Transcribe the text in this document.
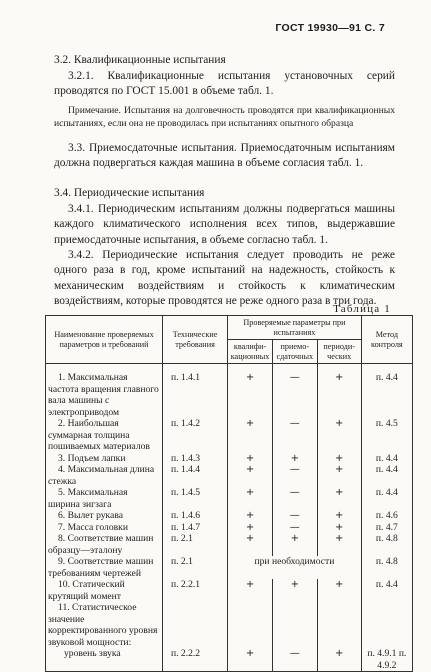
ГОСТ 19930—91 С. 7
3.2. Квалификационные испытания
3.2.1. Квалификационные испытания установочных серий проводятся по ГОСТ 15.001 в объеме табл. 1.
Примечание. Испытания на долговечность проводятся при квалификационных испытаниях, если она не проводилась при испытаниях опытного образца
3.3. Приемосдаточные испытания. Приемосдаточным испытаниям должна подвергаться каждая машина в объеме согласия табл. 1.
3.4. Периодические испытания
3.4.1. Периодическим испытаниям должны подвергаться машины каждого климатического исполнения всех типов, выдержавшие приемосдаточные испытания, в объеме согласно табл. 1.
3.4.2. Периодические испытания следует проводить не реже одного раза в год, кроме испытаний на надежность, стойкость к механическим воздействиям и стойкость к климатическим воздействиям, которые проводятся не реже одного раза в три года.
Таблица 1
Наименование проверяемых параметров и требований	Технические требования	Проверяемые параметры при испытаниях			Метод контроля
		квалифи-кационных	приемо-сдаточных	периоди-ческих	

1. Максимальная частота вращения главного вала машины с электроприводом	п. 1.4.1	+	—	+	п. 4.4
2. Наибольшая суммарная толщина пошиваемых материалов	п. 1.4.2	+	—	+	п. 4.5
3. Подъем лапки	п. 1.4.3	+	+	+	п. 4.4
4. Максимальная длина стежка	п. 1.4.4	+	—	+	п. 4.4
5. Максимальная ширина зигзага	п. 1.4.5	+	—	+	п. 4.4
6. Вылет рукава	п. 1.4.6	+	—	+	п. 4.6
7. Масса головки	п. 1.4.7	+	—	+	п. 4.7
8. Соответствие машин образцу—эталону	п. 2.1	+	+	+	п. 4.8
9. Соответствие машин требованиям чертежей	п. 2.1	при необходимости			п. 4.8
10. Статический крутящий момент	п. 2.2.1	+	+	+	п. 4.4
11. Статистическое значение корректированного уровня звуковой мощности:					
уровень звука	п. 2.2.2	+	—	+	п. 4.9.1 п. 4.9.2
